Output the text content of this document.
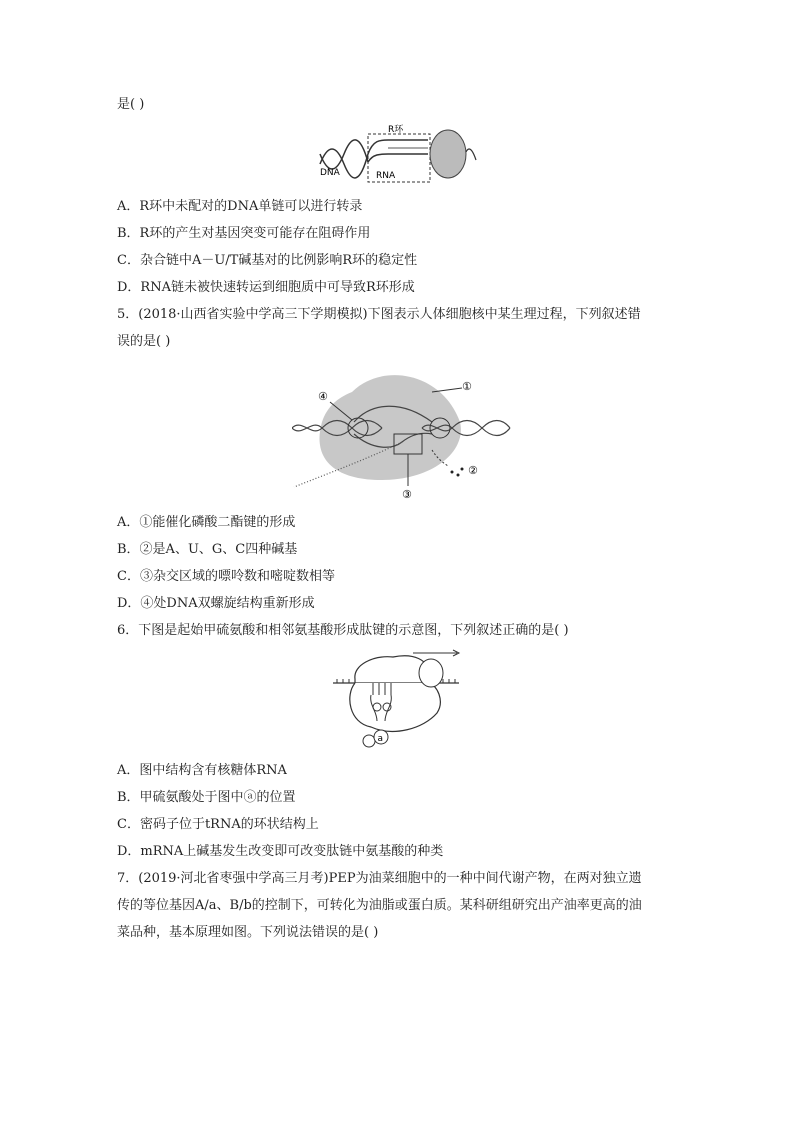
是( )
R环
DNA	RNA
A．R环中未配对的DNA单链可以进行转录
B．R环的产生对基因突变可能存在阻碍作用
C．杂合链中A－U/T碱基对的比例影响R环的稳定性
D．RNA链未被快速转运到细胞质中可导致R环形成
5．(2018·山西省实验中学高三下学期模拟)下图表示人体细胞核中某生理过程，下列叙述错
误的是( )
①
②
③
④
A．①能催化磷酸二酯键的形成
B．②是A、U、G、C四种碱基
C．③杂交区域的嘌呤数和嘧啶数相等
D．④处DNA双螺旋结构重新形成
6．下图是起始甲硫氨酸和相邻氨基酸形成肽键的示意图，下列叙述正确的是( )
a
A．图中结构含有核糖体RNA
B．甲硫氨酸处于图中ⓐ的位置
C．密码子位于tRNA的环状结构上
D．mRNA上碱基发生改变即可改变肽链中氨基酸的种类
7．(2019·河北省枣强中学高三月考)PEP为油菜细胞中的一种中间代谢产物，在两对独立遗
传的等位基因A/a、B/b的控制下，可转化为油脂或蛋白质。某科研组研究出产油率更高的油
菜品种，基本原理如图。下列说法错误的是( )
